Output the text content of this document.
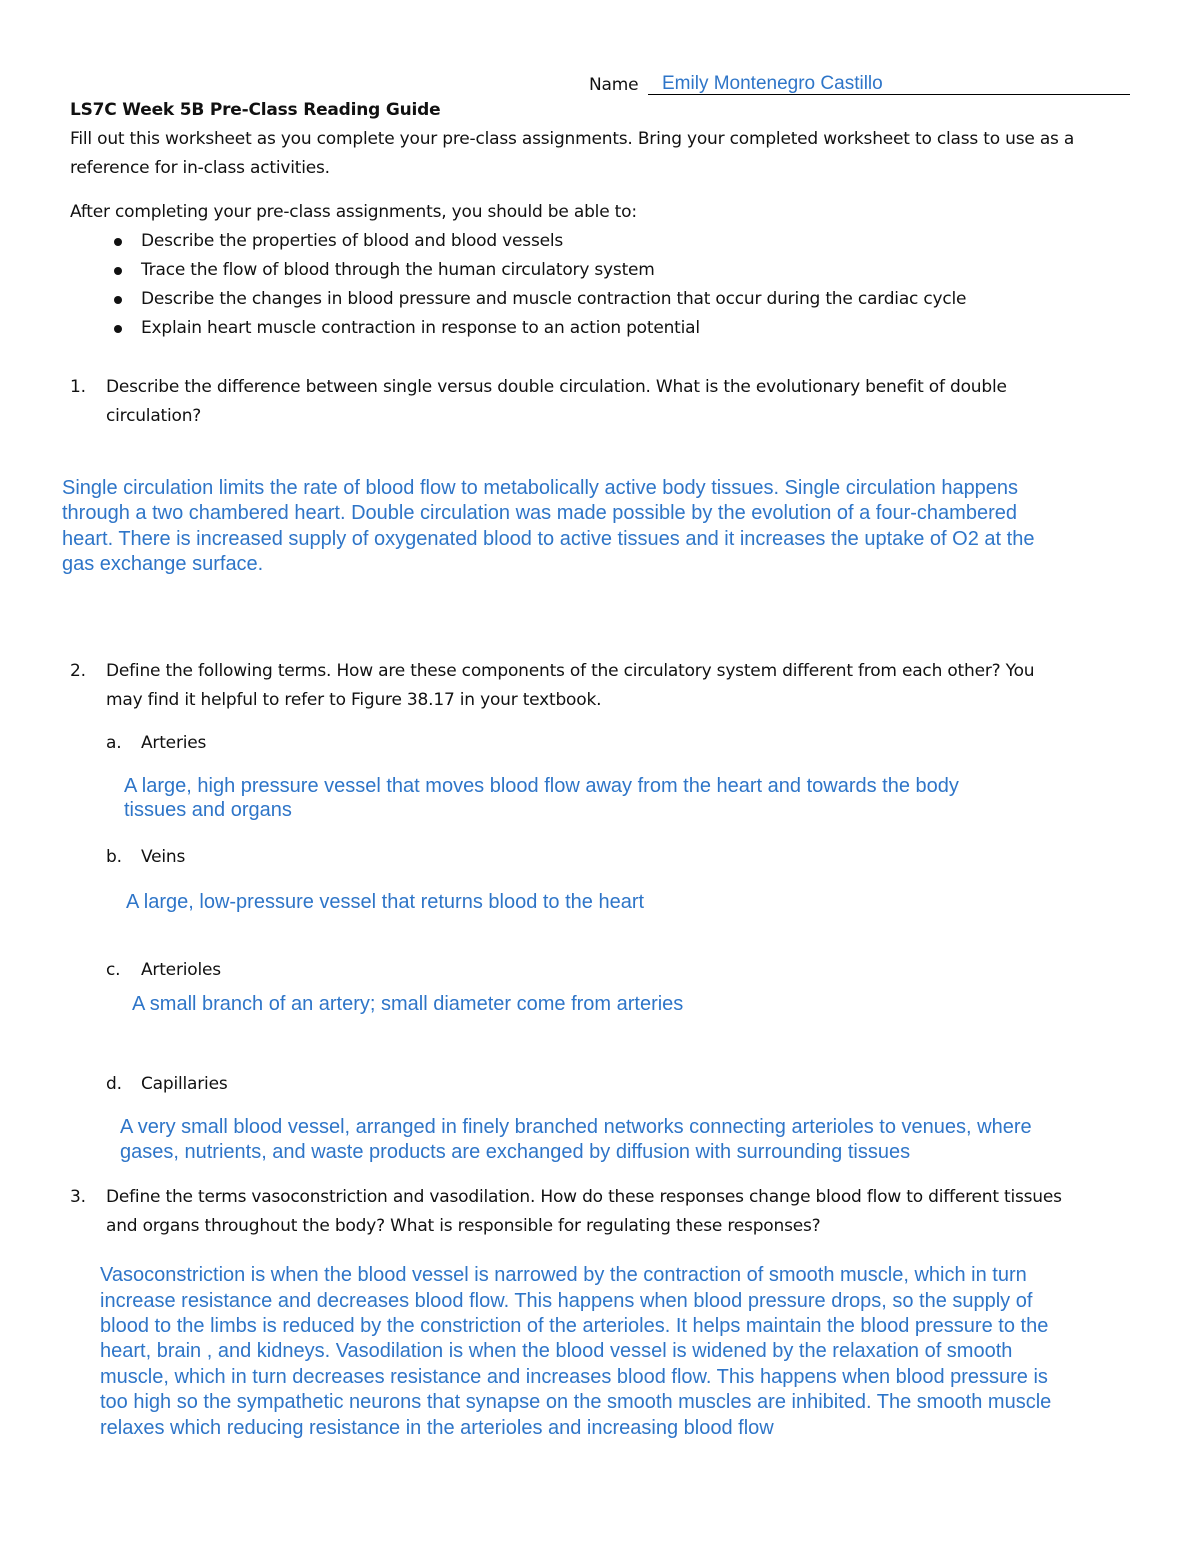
Name Emily Montenegro Castillo
LS7C Week 5B Pre-Class Reading Guide
Fill out this worksheet as you complete your pre-class assignments. Bring your completed worksheet to class to use as a
reference for in-class activities.
After completing your pre-class assignments, you should be able to:
Describe the properties of blood and blood vessels
Trace the flow of blood through the human circulatory system
Describe the changes in blood pressure and muscle contraction that occur during the cardiac cycle
Explain heart muscle contraction in response to an action potential
1. Describe the difference between single versus double circulation. What is the evolutionary benefit of double
circulation?
Single circulation limits the rate of blood flow to metabolically active body tissues. Single circulation happens
through a two chambered heart. Double circulation was made possible by the evolution of a four-chambered
heart. There is increased supply of oxygenated blood to active tissues and it increases the uptake of O2 at the
gas exchange surface.
2. Define the following terms. How are these components of the circulatory system different from each other? You
may find it helpful to refer to Figure 38.17 in your textbook.
a. Arteries
A large, high pressure vessel that moves blood flow away from the heart and towards the body
tissues and organs
b. Veins
A large, low-pressure vessel that returns blood to the heart
c. Arterioles
A small branch of an artery; small diameter come from arteries
d. Capillaries
A very small blood vessel, arranged in finely branched networks connecting arterioles to venues, where
gases, nutrients, and waste products are exchanged by diffusion with surrounding tissues
3. Define the terms vasoconstriction and vasodilation. How do these responses change blood flow to different tissues
and organs throughout the body? What is responsible for regulating these responses?
Vasoconstriction is when the blood vessel is narrowed by the contraction of smooth muscle, which in turn
increase resistance and decreases blood flow. This happens when blood pressure drops, so the supply of
blood to the limbs is reduced by the constriction of the arterioles. It helps maintain the blood pressure to the
heart, brain , and kidneys. Vasodilation is when the blood vessel is widened by the relaxation of smooth
muscle, which in turn decreases resistance and increases blood flow. This happens when blood pressure is
too high so the sympathetic neurons that synapse on the smooth muscles are inhibited. The smooth muscle
relaxes which reducing resistance in the arterioles and increasing blood flow
